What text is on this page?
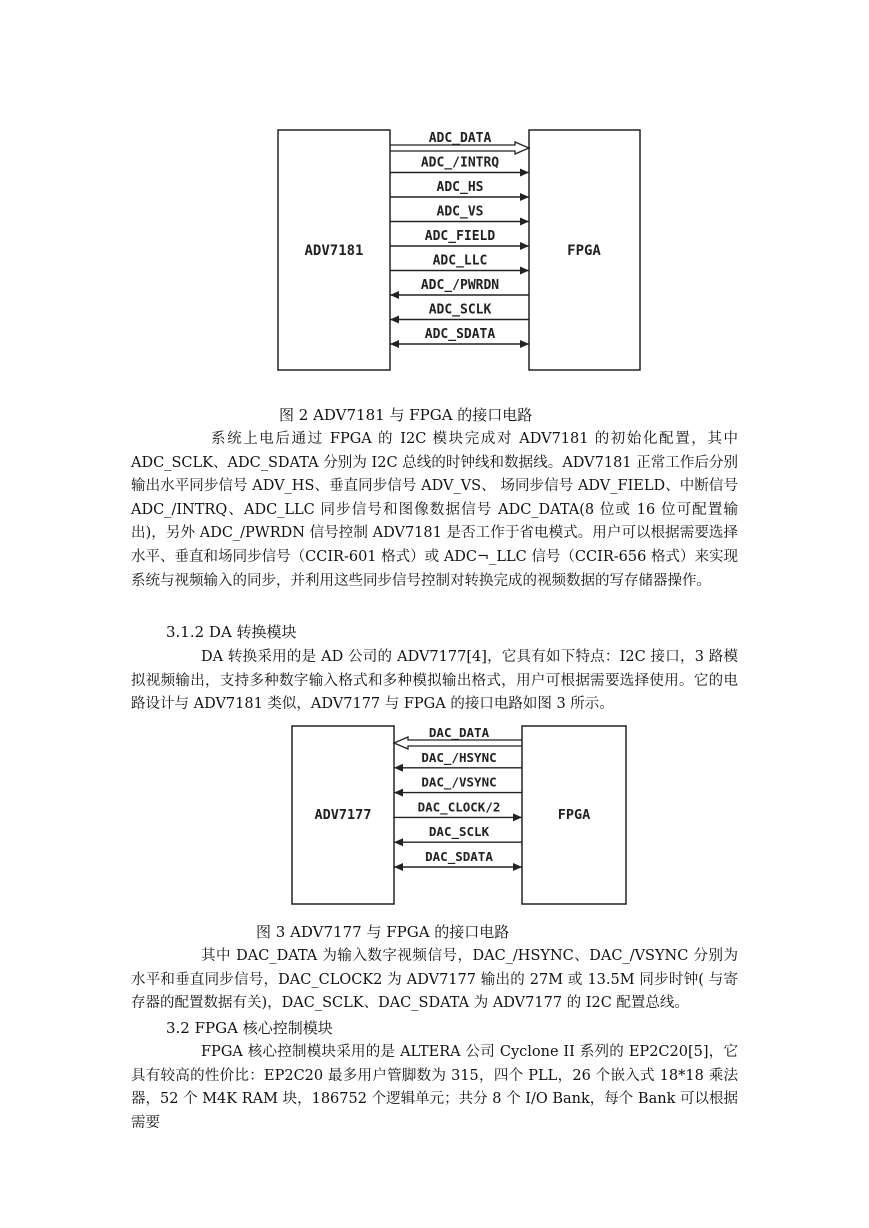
ADV7181	FPGA
ADC_DATA
ADC_/INTRQ
ADC_HS
ADC_VS
ADC_FIELD
ADC_LLC
ADC_/PWRDN
ADC_SCLK
ADC_SDATA
图 2 ADV7181 与 FPGA 的接口电路

系统上电后通过 FPGA 的 I2C 模块完成对 ADV7181 的初始化配置，其中 ADC_SCLK、ADC_SDATA 分别为 I2C 总线的时钟线和数据线。ADV7181 正常工作后分别输出水平同步信号 ADV_HS、垂直同步信号 ADV_VS、 场同步信号 ADV_FIELD、中断信号 ADC_/INTRQ、ADC_LLC 同步信号和图像数据信号 ADC_DATA(8 位或 16 位可配置输出)，另外 ADC_/PWRDN 信号控制 ADV7181 是否工作于省电模式。用户可以根据需要选择水平、垂直和场同步信号（CCIR-601 格式）或 ADC¬_LLC 信号（CCIR-656 格式）来实现系统与视频输入的同步，并利用这些同步信号控制对转换完成的视频数据的写存储器操作。

3.1.2 DA 转换模块

DA 转换采用的是 AD 公司的 ADV7177[4]，它具有如下特点：I2C 接口，3 路模拟视频输出，支持多种数字输入格式和多种模拟输出格式，用户可根据需要选择使用。它的电路设计与 ADV7181 类似，ADV7177 与 FPGA 的接口电路如图 3 所示。

ADV7177	FPGA
DAC_DATA
DAC_/HSYNC
DAC_/VSYNC
DAC_CLOCK/2
DAC_SCLK
DAC_SDATA
图 3 ADV7177 与 FPGA 的接口电路

其中 DAC_DATA 为输入数字视频信号，DAC_/HSYNC、DAC_/VSYNC 分别为水平和垂直同步信号，DAC_CLOCK2 为 ADV7177 输出的 27M 或 13.5M 同步时钟( 与寄存器的配置数据有关)，DAC_SCLK、DAC_SDATA 为 ADV7177 的 I2C 配置总线。

3.2 FPGA 核心控制模块

FPGA 核心控制模块采用的是 ALTERA 公司 Cyclone II 系列的 EP2C20[5]，它具有较高的性价比：EP2C20 最多用户管脚数为 315，四个 PLL，26 个嵌入式 18*18 乘法器，52 个 M4K RAM 块，186752 个逻辑单元；共分 8 个 I/O Bank，每个 Bank 可以根据需要
